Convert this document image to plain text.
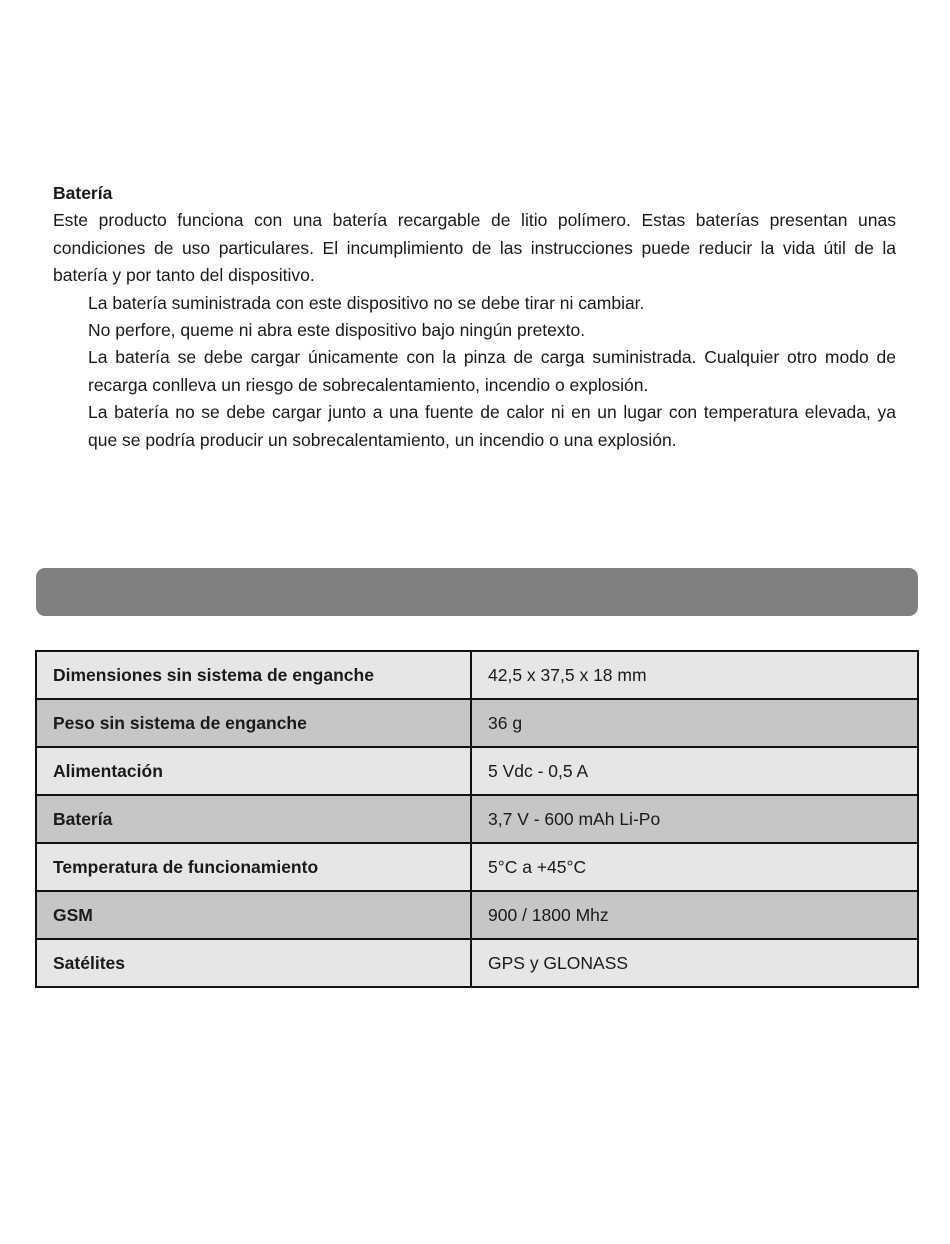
Batería

Este producto funciona con una batería recargable de litio polímero. Estas baterías presentan unas condiciones de uso particulares. El incumplimiento de las instrucciones puede reducir la vida útil de la batería y por tanto del dispositivo.

La batería suministrada con este dispositivo no se debe tirar ni cambiar.
No perfore, queme ni abra este dispositivo bajo ningún pretexto.
La batería se debe cargar únicamente con la pinza de carga suministrada. Cualquier otro modo de recarga conlleva un riesgo de sobrecalentamiento, incendio o explosión.
La batería no se debe cargar junto a una fuente de calor ni en un lugar con temperatura elevada, ya que se podría producir un sobrecalentamiento, un incendio o una explosión.
Dimensiones sin sistema de enganche	42,5 x 37,5 x 18 mm
Peso sin sistema de enganche	36 g
Alimentación	5 Vdc - 0,5 A
Batería	3,7 V - 600 mAh Li-Po
Temperatura de funcionamiento	5°C a +45°C
GSM	900 / 1800 Mhz
Satélites	GPS y GLONASS
